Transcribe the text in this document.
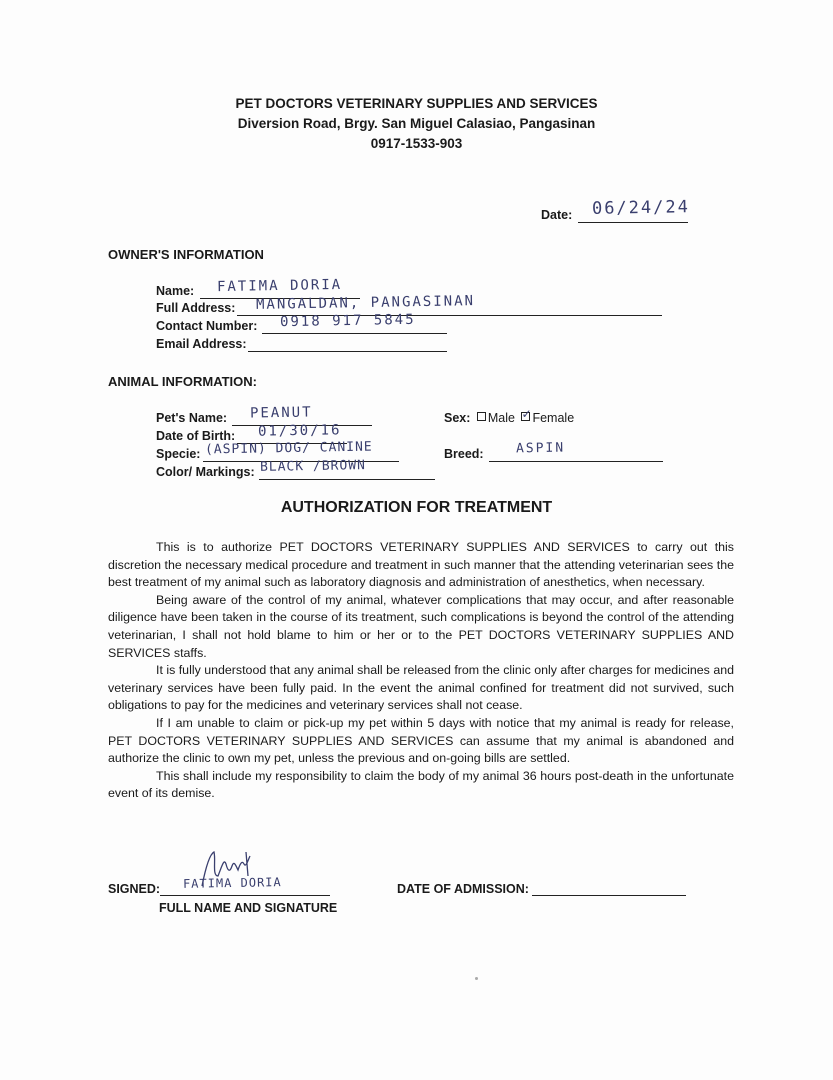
PET DOCTORS VETERINARY SUPPLIES AND SERVICES
Diversion Road, Brgy. San Miguel Calasiao, Pangasinan
0917-1533-903
Date: 06/24/24
OWNER'S INFORMATION
Name: FATIMA DORIA
Full Address: MANGALDAN, PANGASINAN
Contact Number: 0918 917 5845
Email Address:
ANIMAL INFORMATION:
Pet's Name: PEANUT
Date of Birth: 01/30/16
Specie: (ASPIN) DOG/ CANINE
Color/ Markings: BLACK /BROWN
Sex: Male ✓ Female
Breed: ASPIN
AUTHORIZATION FOR TREATMENT

This is to authorize PET DOCTORS VETERINARY SUPPLIES AND SERVICES to carry out this discretion the necessary medical procedure and treatment in such manner that the attending veterinarian sees the best treatment of my animal such as laboratory diagnosis and administration of anesthetics, when necessary.

Being aware of the control of my animal, whatever complications that may occur, and after reasonable diligence have been taken in the course of its treatment, such complications is beyond the control of the attending veterinarian, I shall not hold blame to him or her or to the PET DOCTORS VETERINARY SUPPLIES AND SERVICES staffs.

It is fully understood that any animal shall be released from the clinic only after charges for medicines and veterinary services have been fully paid. In the event the animal confined for treatment did not survived, such obligations to pay for the medicines and veterinary services shall not cease.

If I am unable to claim or pick-up my pet within 5 days with notice that my animal is ready for release, PET DOCTORS VETERINARY SUPPLIES AND SERVICES can assume that my animal is abandoned and authorize the clinic to own my pet, unless the previous and on-going bills are settled.

This shall include my responsibility to claim the body of my animal 36 hours post-death in the unfortunate event of its demise.

SIGNED: FATIMA DORIA
FULL NAME AND SIGNATURE
DATE OF ADMISSION:
